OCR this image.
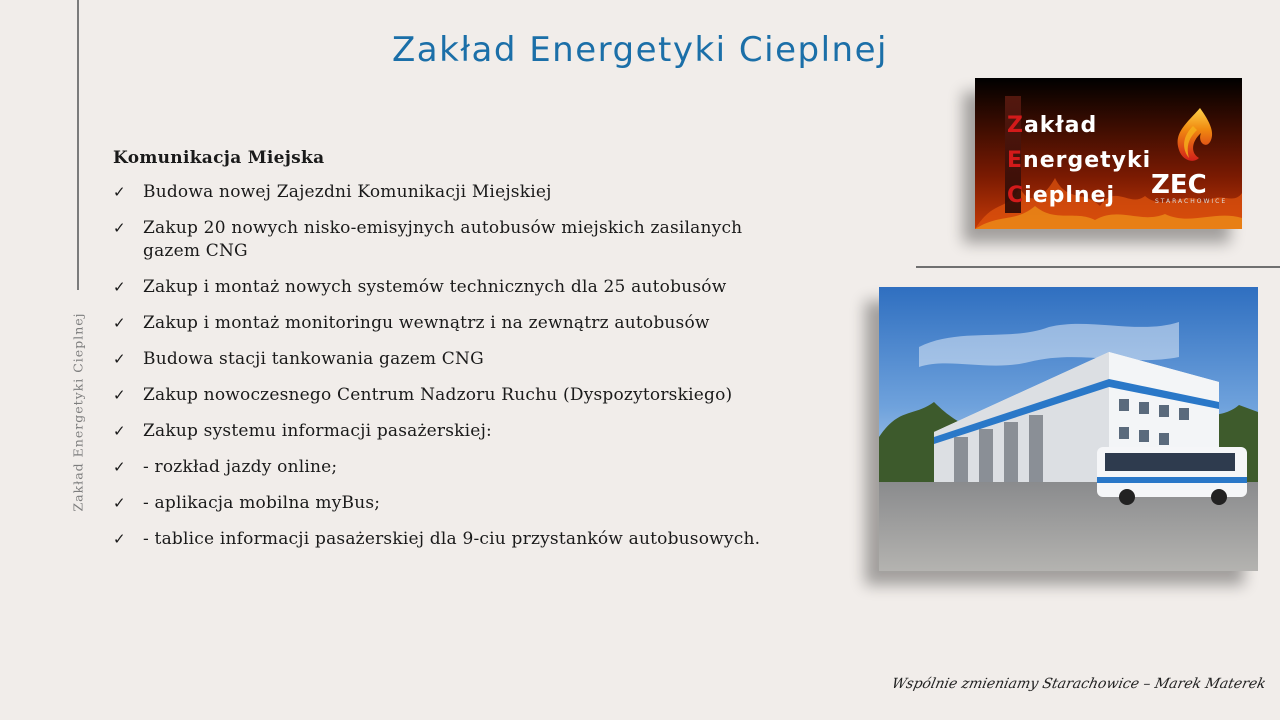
Zakład Energetyki Cieplnej
Zakład Energetyki Cieplnej
Komunikacja Miejska
✓	Budowa nowej Zajezdni Komunikacji Miejskiej
✓	Zakup 20 nowych nisko-emisyjnych autobusów miejskich zasilanych gazem CNG
✓	Zakup i montaż nowych systemów technicznych dla 25 autobusów
✓	Zakup i montaż monitoringu wewnątrz i na zewnątrz autobusów
✓	Budowa stacji tankowania gazem CNG
✓	Zakup nowoczesnego Centrum Nadzoru Ruchu (Dyspozytorskiego)
✓	Zakup systemu informacji pasażerskiej:
✓	- rozkład jazdy online;
✓	- aplikacja mobilna myBus;
✓	- tablice informacji pasażerskiej dla 9-ciu przystanków autobusowych.
Zakład
Energetyki
Cieplnej ZEC
STARACHOWICE
Wspólnie zmieniamy Starachowice – Marek Materek
